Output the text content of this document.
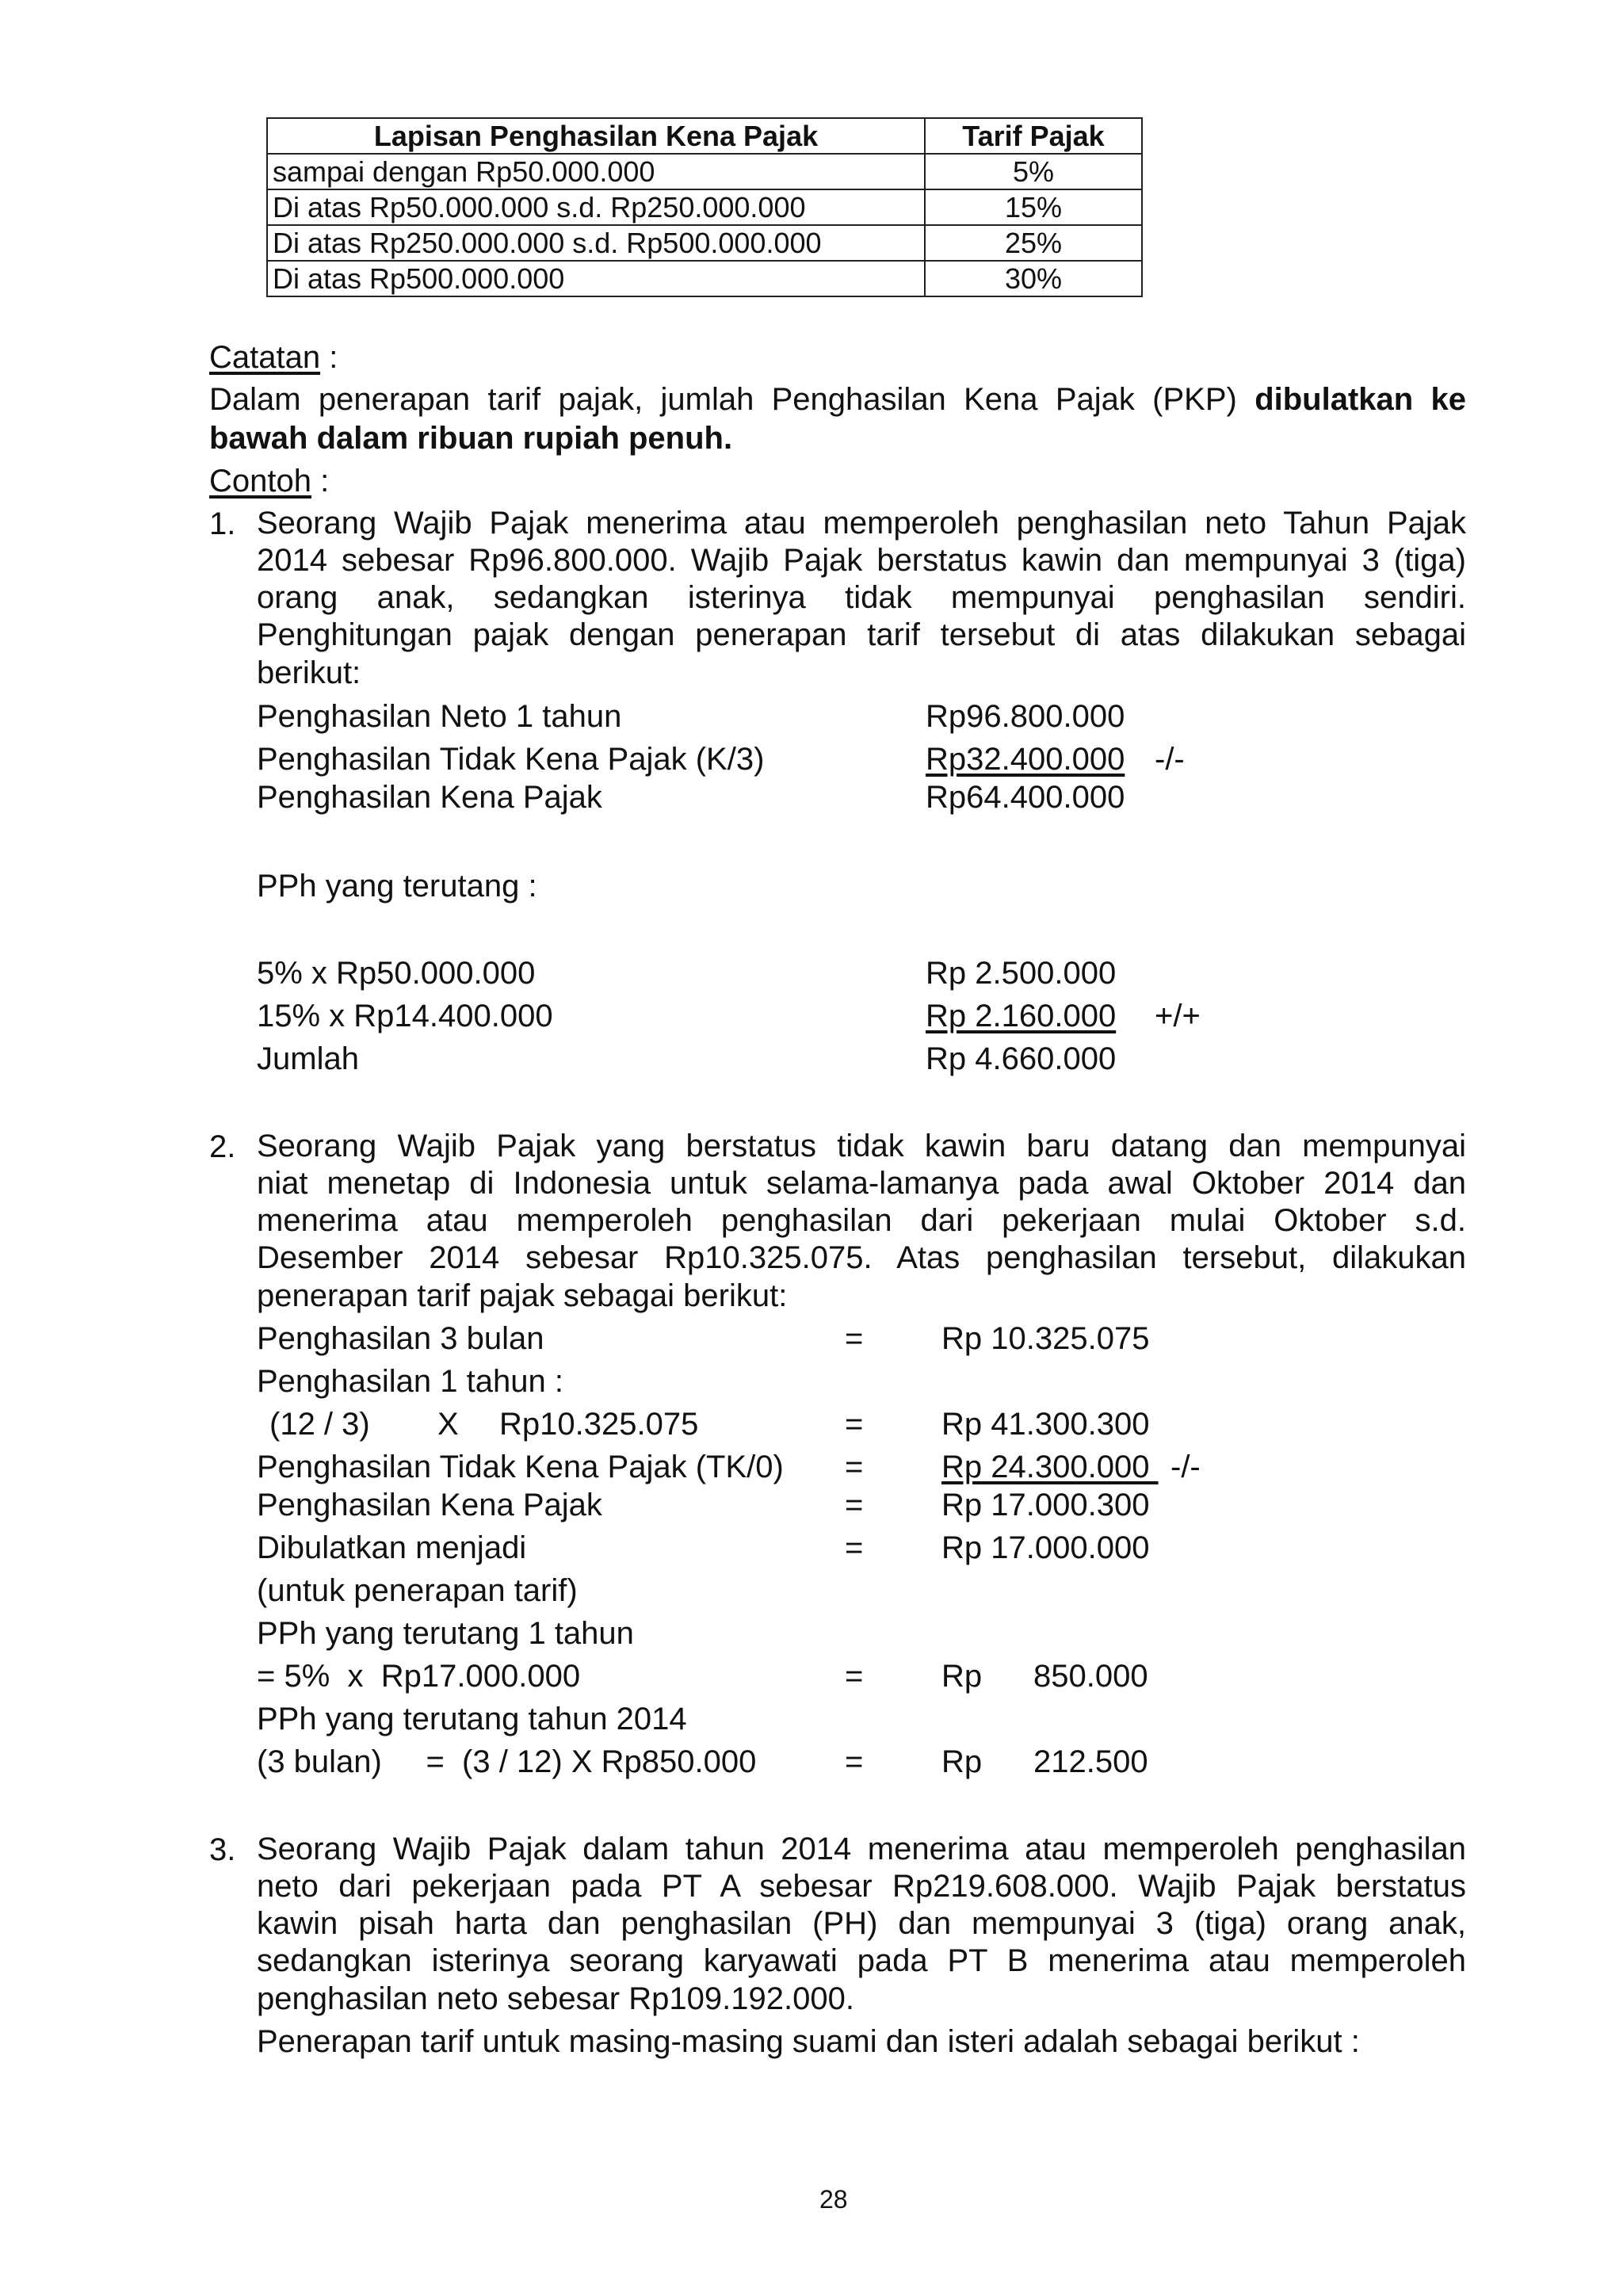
Lapisan Penghasilan Kena Pajak	Tarif Pajak
sampai dengan Rp50.000.000	5%
Di atas Rp50.000.000 s.d. Rp250.000.000	15%
Di atas Rp250.000.000 s.d. Rp500.000.000	25%
Di atas Rp500.000.000	30%
Catatan :
Dalam penerapan tarif pajak, jumlah Penghasilan Kena Pajak (PKP) dibulatkan ke
bawah dalam ribuan rupiah penuh.
Contoh :
1. Seorang Wajib Pajak menerima atau memperoleh penghasilan neto Tahun Pajak
2014 sebesar Rp96.800.000. Wajib Pajak berstatus kawin dan mempunyai 3 (tiga)
orang anak, sedangkan isterinya tidak mempunyai penghasilan sendiri.
Penghitungan pajak dengan penerapan tarif tersebut di atas dilakukan sebagai
berikut:
Penghasilan Neto 1 tahun	Rp96.800.000
Penghasilan Tidak Kena Pajak (K/3)	Rp32.400.000 -/-
Penghasilan Kena Pajak	Rp64.400.000
PPh yang terutang :
5% x Rp50.000.000	Rp 2.500.000
15% x Rp14.400.000	Rp 2.160.000 +/+
Jumlah	Rp 4.660.000
2. Seorang Wajib Pajak yang berstatus tidak kawin baru datang dan mempunyai
niat menetap di Indonesia untuk selama-lamanya pada awal Oktober 2014 dan
menerima atau memperoleh penghasilan dari pekerjaan mulai Oktober s.d.
Desember 2014 sebesar Rp10.325.075. Atas penghasilan tersebut, dilakukan
penerapan tarif pajak sebagai berikut:
Penghasilan 3 bulan	= Rp 10.325.075
Penghasilan 1 tahun :
(12 / 3) X Rp10.325.075	= Rp 41.300.300
Penghasilan Tidak Kena Pajak (TK/0) = Rp 24.300.000 -/-
Penghasilan Kena Pajak	= Rp 17.000.300
Dibulatkan menjadi	= Rp 17.000.000
(untuk penerapan tarif)
PPh yang terutang 1 tahun
= 5%  x  Rp17.000.000	= Rp 850.000
PPh yang terutang tahun 2014
(3 bulan)     =  (3 / 12) X Rp850.000	= Rp 212.500
3. Seorang Wajib Pajak dalam tahun 2014 menerima atau memperoleh penghasilan
neto dari pekerjaan pada PT A sebesar Rp219.608.000. Wajib Pajak berstatus
kawin pisah harta dan penghasilan (PH) dan mempunyai 3 (tiga) orang anak,
sedangkan isterinya seorang karyawati pada PT B menerima atau memperoleh
penghasilan neto sebesar Rp109.192.000.
Penerapan tarif untuk masing-masing suami dan isteri adalah sebagai berikut :
28
